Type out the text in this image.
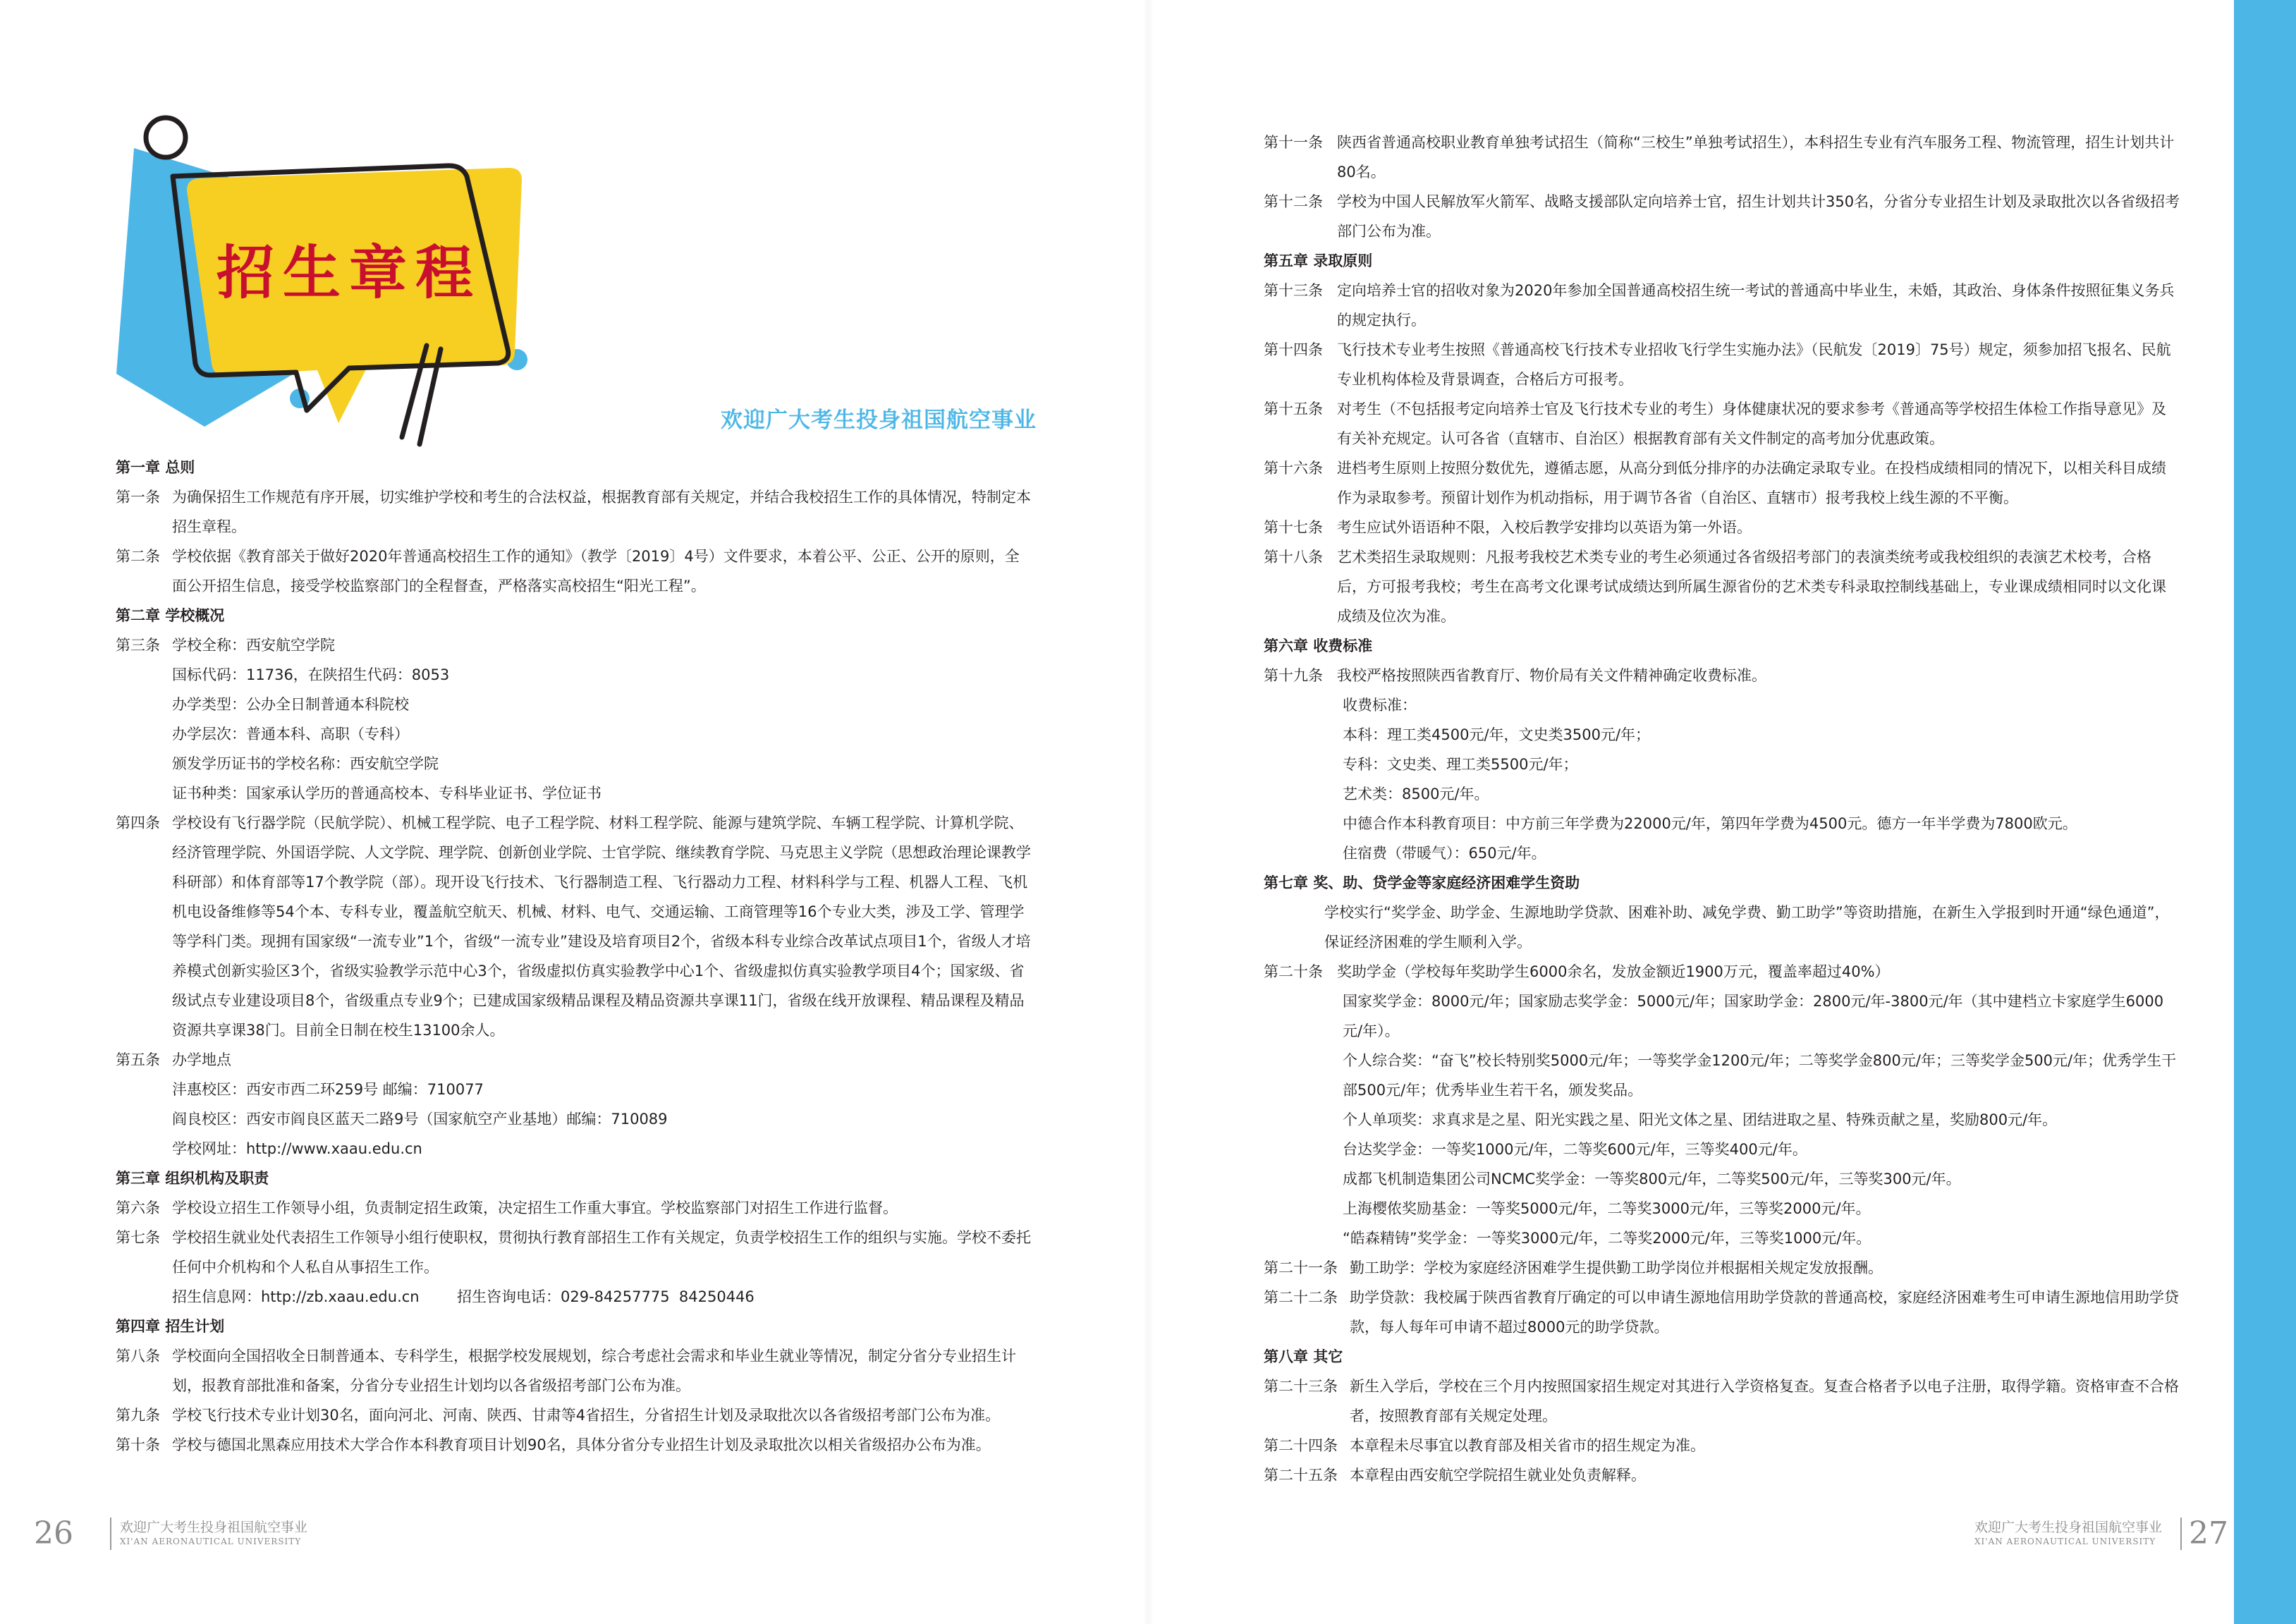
招生章程
欢迎广大考生投身祖国航空事业
第一章 总则
第一条 为确保招生工作规范有序开展，切实维护学校和考生的合法权益，根据教育部有关规定，并结合我校招生工作的具体情况，特制定本招生章程。
第二条 学校依据《教育部关于做好2020年普通高校招生工作的通知》（教学〔2019〕4号）文件要求，本着公平、公正、公开的原则，全面公开招生信息，接受学校监察部门的全程督查，严格落实高校招生“阳光工程”。
第二章 学校概况
第三条 学校全称：西安航空学院
国标代码：11736，在陕招生代码：8053
办学类型：公办全日制普通本科院校
办学层次：普通本科、高职（专科）
颁发学历证书的学校名称：西安航空学院
证书种类：国家承认学历的普通高校本、专科毕业证书、学位证书
第四条 学校设有飞行器学院（民航学院）、机械工程学院、电子工程学院、材料工程学院、能源与建筑学院、车辆工程学院、计算机学院、经济管理学院、外国语学院、人文学院、理学院、创新创业学院、士官学院、继续教育学院、马克思主义学院（思想政治理论课教学科研部）和体育部等17个教学院（部）。现开设飞行技术、飞行器制造工程、飞行器动力工程、材料科学与工程、机器人工程、飞机机电设备维修等54个本、专科专业，覆盖航空航天、机械、材料、电气、交通运输、工商管理等16个专业大类，涉及工学、管理学等学科门类。现拥有国家级“一流专业”1个，省级“一流专业”建设及培育项目2个，省级本科专业综合改革试点项目1个，省级人才培养模式创新实验区3个，省级实验教学示范中心3个，省级虚拟仿真实验教学中心1个、省级虚拟仿真实验教学项目4个；国家级、省级试点专业建设项目8个，省级重点专业9个；已建成国家级精品课程及精品资源共享课11门，省级在线开放课程、精品课程及精品资源共享课38门。目前全日制在校生13100余人。
第五条 办学地点
沣惠校区：西安市西二环259号 邮编：710077
阎良校区：西安市阎良区蓝天二路9号（国家航空产业基地）邮编：710089
学校网址：http://www.xaau.edu.cn
第三章 组织机构及职责
第六条 学校设立招生工作领导小组，负责制定招生政策，决定招生工作重大事宜。学校监察部门对招生工作进行监督。
第七条 学校招生就业处代表招生工作领导小组行使职权，贯彻执行教育部招生工作有关规定，负责学校招生工作的组织与实施。学校不委托任何中介机构和个人私自从事招生工作。
招生信息网：http://zb.xaau.edu.cn        招生咨询电话：029-84257775  84250446
第四章 招生计划
第八条 学校面向全国招收全日制普通本、专科学生，根据学校发展规划，综合考虑社会需求和毕业生就业等情况，制定分省分专业招生计划，报教育部批准和备案，分省分专业招生计划均以各省级招考部门公布为准。
第九条 学校飞行技术专业计划30名，面向河北、河南、陕西、甘肃等4省招生，分省招生计划及录取批次以各省级招考部门公布为准。
第十条 学校与德国北黑森应用技术大学合作本科教育项目计划90名，具体分省分专业招生计划及录取批次以相关省级招办公布为准。
第十一条 陕西省普通高校职业教育单独考试招生（简称“三校生”单独考试招生），本科招生专业有汽车服务工程、物流管理，招生计划共计80名。
第十二条 学校为中国人民解放军火箭军、战略支援部队定向培养士官，招生计划共计350名，分省分专业招生计划及录取批次以各省级招考部门公布为准。
第五章 录取原则
第十三条 定向培养士官的招收对象为2020年参加全国普通高校招生统一考试的普通高中毕业生，未婚，其政治、身体条件按照征集义务兵的规定执行。
第十四条 飞行技术专业考生按照《普通高校飞行技术专业招收飞行学生实施办法》（民航发〔2019〕75号）规定，须参加招飞报名、民航专业机构体检及背景调查，合格后方可报考。
第十五条 对考生（不包括报考定向培养士官及飞行技术专业的考生）身体健康状况的要求参考《普通高等学校招生体检工作指导意见》及有关补充规定。认可各省（直辖市、自治区）根据教育部有关文件制定的高考加分优惠政策。
第十六条 进档考生原则上按照分数优先，遵循志愿，从高分到低分排序的办法确定录取专业。在投档成绩相同的情况下，以相关科目成绩作为录取参考。预留计划作为机动指标，用于调节各省（自治区、直辖市）报考我校上线生源的不平衡。
第十七条 考生应试外语语种不限，入校后教学安排均以英语为第一外语。
第十八条 艺术类招生录取规则：凡报考我校艺术类专业的考生必须通过各省级招考部门的表演类统考或我校组织的表演艺术校考，合格后，方可报考我校；考生在高考文化课考试成绩达到所属生源省份的艺术类专科录取控制线基础上，专业课成绩相同时以文化课成绩及位次为准。
第六章 收费标准
第十九条 我校严格按照陕西省教育厅、物价局有关文件精神确定收费标准。
收费标准：
本科：理工类4500元/年，文史类3500元/年；
专科：文史类、理工类5500元/年；
艺术类：8500元/年。
中德合作本科教育项目：中方前三年学费为22000元/年，第四年学费为4500元。德方一年半学费为7800欧元。
住宿费（带暖气）：650元/年。
第七章 奖、助、贷学金等家庭经济困难学生资助
学校实行“奖学金、助学金、生源地助学贷款、困难补助、减免学费、勤工助学”等资助措施，在新生入学报到时开通“绿色通道”，保证经济困难的学生顺利入学。
第二十条 奖助学金（学校每年奖助学生6000余名，发放金额近1900万元，覆盖率超过40%）
国家奖学金：8000元/年；国家励志奖学金：5000元/年；国家助学金：2800元/年-3800元/年（其中建档立卡家庭学生6000元/年）。
个人综合奖：“奋飞”校长特别奖5000元/年；一等奖学金1200元/年；二等奖学金800元/年；三等奖学金500元/年；优秀学生干部500元/年；优秀毕业生若干名，颁发奖品。
个人单项奖：求真求是之星、阳光实践之星、阳光文体之星、团结进取之星、特殊贡献之星，奖励800元/年。
台达奖学金：一等奖1000元/年，二等奖600元/年，三等奖400元/年。
成都飞机制造集团公司NCMC奖学金：一等奖800元/年，二等奖500元/年，三等奖300元/年。
上海樱侬奖励基金：一等奖5000元/年，二等奖3000元/年，三等奖2000元/年。
“皓森精铸”奖学金：一等奖3000元/年，二等奖2000元/年，三等奖1000元/年。
第二十一条 勤工助学：学校为家庭经济困难学生提供勤工助学岗位并根据相关规定发放报酬。
第二十二条 助学贷款：我校属于陕西省教育厅确定的可以申请生源地信用助学贷款的普通高校，家庭经济困难考生可申请生源地信用助学贷款，每人每年可申请不超过8000元的助学贷款。
第八章 其它
第二十三条 新生入学后，学校在三个月内按照国家招生规定对其进行入学资格复查。复查合格者予以电子注册，取得学籍。资格审查不合格者，按照教育部有关规定处理。
第二十四条 本章程未尽事宜以教育部及相关省市的招生规定为准。
第二十五条 本章程由西安航空学院招生就业处负责解释。
26	欢迎广大考生投身祖国航空事业
XI'AN AERONAUTICAL UNIVERSITY
欢迎广大考生投身祖国航空事业
XI'AN AERONAUTICAL UNIVERSITY 27
